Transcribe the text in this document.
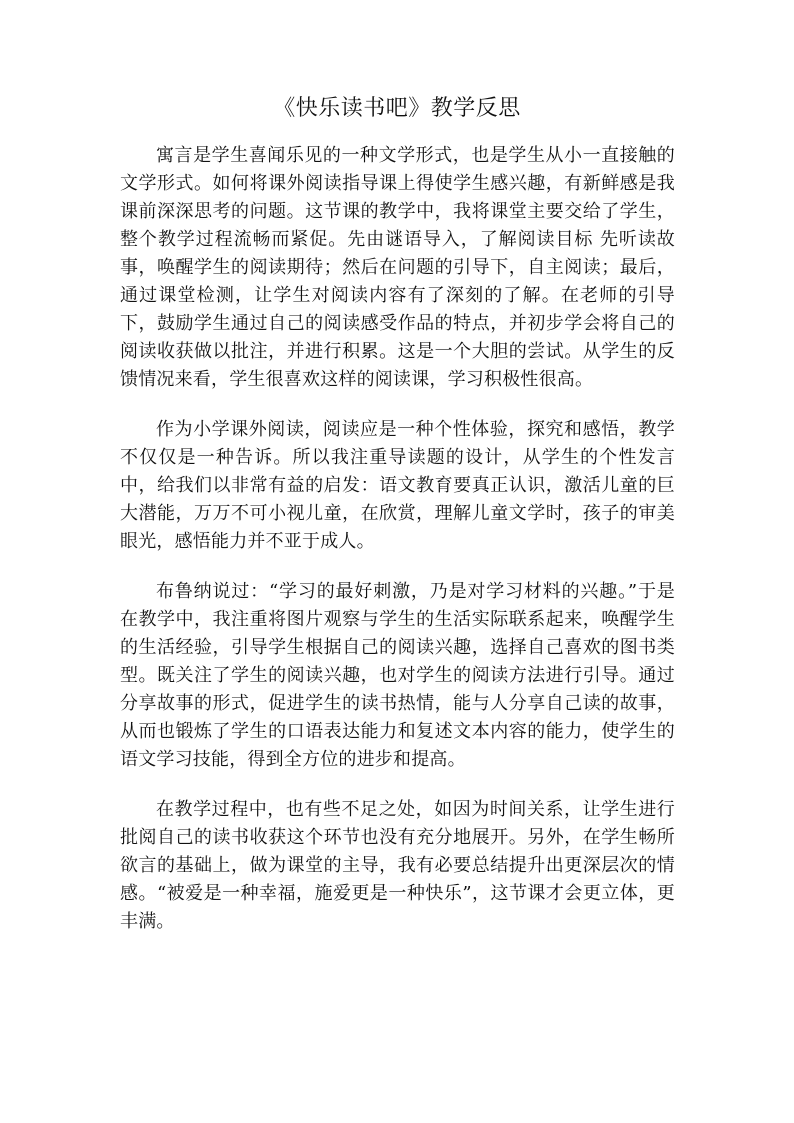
《快乐读书吧》教学反思

寓言是学生喜闻乐见的一种文学形式，也是学生从小一直接触的文学形式。如何将课外阅读指导课上得使学生感兴趣，有新鲜感是我课前深深思考的问题。这节课的教学中，我将课堂主要交给了学生，整个教学过程流畅而紧促。先由谜语导入，了解阅读目标 先听读故事，唤醒学生的阅读期待；然后在问题的引导下，自主阅读；最后，通过课堂检测，让学生对阅读内容有了深刻的了解。在老师的引导下，鼓励学生通过自己的阅读感受作品的特点，并初步学会将自己的阅读收获做以批注，并进行积累。这是一个大胆的尝试。从学生的反馈情况来看，学生很喜欢这样的阅读课，学习积极性很高。

作为小学课外阅读，阅读应是一种个性体验，探究和感悟，教学不仅仅是一种告诉。所以我注重导读题的设计，从学生的个性发言中，给我们以非常有益的启发：语文教育要真正认识，激活儿童的巨大潜能，万万不可小视儿童，在欣赏，理解儿童文学时，孩子的审美眼光，感悟能力并不亚于成人。

布鲁纳说过：“学习的最好刺激，乃是对学习材料的兴趣。”于是在教学中，我注重将图片观察与学生的生活实际联系起来，唤醒学生的生活经验，引导学生根据自己的阅读兴趣，选择自己喜欢的图书类型。既关注了学生的阅读兴趣，也对学生的阅读方法进行引导。通过分享故事的形式，促进学生的读书热情，能与人分享自己读的故事，从而也锻炼了学生的口语表达能力和复述文本内容的能力，使学生的语文学习技能，得到全方位的进步和提高。

在教学过程中，也有些不足之处，如因为时间关系，让学生进行批阅自己的读书收获这个环节也没有充分地展开。另外，在学生畅所欲言的基础上，做为课堂的主导，我有必要总结提升出更深层次的情感。“被爱是一种幸福，施爱更是一种快乐”，这节课才会更立体，更丰满。
